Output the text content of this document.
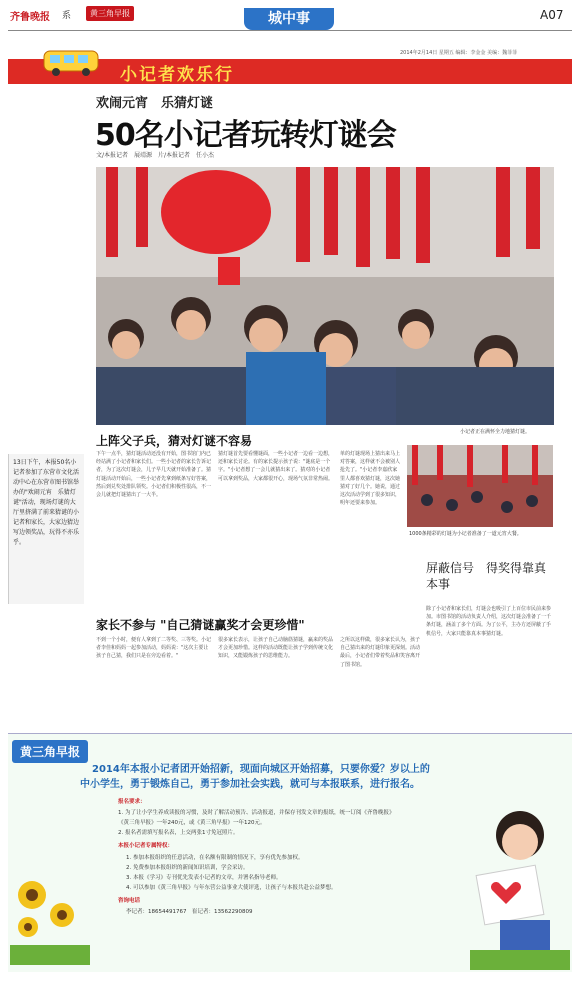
齐鲁晚报 系	黄三角早报	城中事	A07
2014年2月14日 星期五 编辑：李金金 美编：魏菲菲
小记者欢乐行
欢闹元宵　乐猜灯谜
50名小记者玩转灯谜会
文/本报记者　展靖源　片/本报记者　任小杰
小记者正在满怀全力地猜灯谜。
13日下午，本报50名小记者参加了东营市文化活动中心在东营市图书馆举办的"欢闹元宵　乐猜灯谜"活动，现场灯谜的大厅里挤满了前来猜谜的小记者和家长，大家边猜边写边领奖品，玩得不亦乐乎。
上阵父子兵，猜对灯谜不容易
下午一点半，猜灯谜活动还没有开始，图书馆门内已经站满了小记者和家长们。一些小记者的家长告诉记者，为了这次灯谜会，儿子早几天就开始准备了。猜灯谜活动开始后，一些小记者先拿到纸条写好答案，然后到兑奖处排队领奖。小记者们积极性很高，不一会儿就把灯谜猜出了一大半。
猜灯谜首先要看懂谜面，一些小记者一边看一边想，还和家长讨论。有的家长提示孩子说："谜底是一个字。"小记者想了一会儿就猜出来了。猜对的小记者可以拿到奖品，大家都很开心，现场气氛非常热闹。
单的灯谜现场上猜出来马上对答案，这样就不会被别人抢先了。"小记者李嘉欣家里人都喜欢猜灯谜，这次她猜对了好几个。她说，通过这次活动学到了很多知识，明年还要来参加。
1000条精彩的灯谜为小记者准备了一道元宵大餐。
屏蔽信号　得奖得靠真本事
除了小记者和家长们，灯谜会也吸引了上百位市民前来参加。市图书馆的活动负责人介绍，这次灯谜会准备了一千条灯谜，涵盖了多个方面。为了公平，主办方还屏蔽了手机信号，大家只能靠真本事猜灯谜。
家长不参与 "自己猜谜赢奖才会更珍惜"
不到一个小时，便有人拿到了二等奖、三等奖。小记者李佳和妈妈一起参加活动，妈妈说："这次主要让孩子自己猜，我们只是在旁边看着。"
很多家长表示，让孩子自己动脑筋猜谜，赢来的奖品才会更加珍惜。这样的活动既能让孩子学到传统文化知识，又能锻炼孩子的思维能力。
之所以这样做，很多家长认为，孩子自己猜出来的灯谜印象更深刻。活动最后，小记者们带着奖品和笑容离开了图书馆。
黄三角早报
2014年本报小记者团开始招新，现面向城区开始招募，只要你爱？岁以上的
中小学生，勇于锻炼自己，勇于参加社会实践，就可与本报联系，进行报名。
报名要求：
1. 为了让小学生养成读报的习惯，及时了解活动预告、活动报道，并保存刊发文章的报纸，统一订阅《齐鲁晚报》
《黄三角早报》一年240元，或《黄三角早报》一年120元。
2. 报名者需填写报名表，上交两张1寸免冠照片。
本报小记者专属特权：
1. 参加本报组织的任意活动，在名额有限制的情况下，享有优先参加权。
2. 免费参加本报组织的新闻知识培训，学会采访。
3. 本报《学习》专刊优先发表小记者的文章，并署名指导老师。
4. 可以参加《黄三角早报》与年东营公益事业大使评选，让孩子与本报共赴公益梦想。
咨询电话
李记者：18654491767　崔记者：13562290809
